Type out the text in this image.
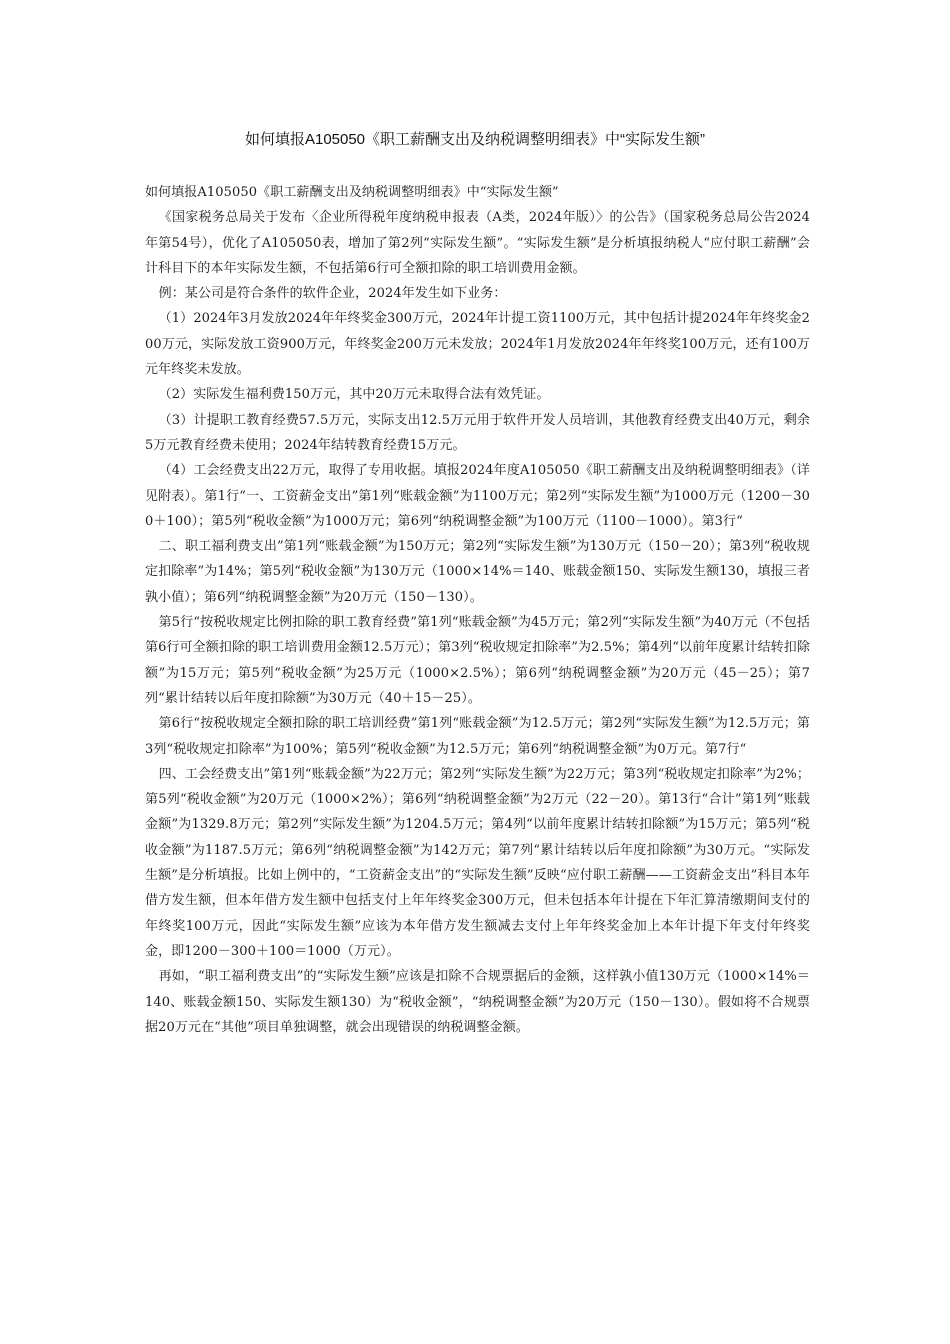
如何填报A105050《职工薪酬支出及纳税调整明细表》中“实际发生额”

如何填报A105050《职工薪酬支出及纳税调整明细表》中“实际发生额”

《国家税务总局关于发布〈企业所得税年度纳税申报表（A类，2024年版）〉的公告》（国家税务总局公告2024年第54号），优化了A105050表，增加了第2列“实际发生额”。“实际发生额”是分析填报纳税人“应付职工薪酬”会计科目下的本年实际发生额，不包括第6行可全额扣除的职工培训费用金额。

例：某公司是符合条件的软件企业，2024年发生如下业务：

（1）2024年3月发放2024年年终奖金300万元，2024年计提工资1100万元，其中包括计提2024年年终奖金200万元，实际发放工资900万元，年终奖金200万元未发放；2024年1月发放2024年年终奖100万元，还有100万元年终奖未发放。

（2）实际发生福利费150万元，其中20万元未取得合法有效凭证。

（3）计提职工教育经费57.5万元，实际支出12.5万元用于软件开发人员培训，其他教育经费支出40万元，剩余5万元教育经费未使用；2024年结转教育经费15万元。

（4）工会经费支出22万元，取得了专用收据。填报2024年度A105050《职工薪酬支出及纳税调整明细表》（详见附表）。第1行“一、工资薪金支出”第1列“账载金额”为1100万元；第2列“实际发生额”为1000万元（1200－300＋100）；第5列“税收金额”为1000万元；第6列“纳税调整金额”为100万元（1100－1000）。第3行“

二、职工福利费支出”第1列“账载金额”为150万元；第2列“实际发生额”为130万元（150－20）；第3列“税收规定扣除率”为14%；第5列“税收金额”为130万元（1000×14%＝140、账载金额150、实际发生额130，填报三者孰小值）；第6列“纳税调整金额”为20万元（150－130）。

第5行“按税收规定比例扣除的职工教育经费”第1列“账载金额”为45万元；第2列“实际发生额”为40万元（不包括第6行可全额扣除的职工培训费用金额12.5万元）；第3列“税收规定扣除率”为2.5%；第4列“以前年度累计结转扣除额”为15万元；第5列“税收金额”为25万元（1000×2.5%）；第6列“纳税调整金额”为20万元（45－25）；第7列“累计结转以后年度扣除额”为30万元（40＋15－25）。

第6行“按税收规定全额扣除的职工培训经费”第1列“账载金额”为12.5万元；第2列“实际发生额”为12.5万元；第3列“税收规定扣除率”为100%；第5列“税收金额”为12.5万元；第6列“纳税调整金额”为0万元。第7行“

四、工会经费支出”第1列“账载金额”为22万元；第2列“实际发生额”为22万元；第3列“税收规定扣除率”为2%；第5列“税收金额”为20万元（1000×2%）；第6列“纳税调整金额”为2万元（22－20）。第13行“合计”第1列“账载金额”为1329.8万元；第2列“实际发生额”为1204.5万元；第4列“以前年度累计结转扣除额”为15万元；第5列“税收金额”为1187.5万元；第6列“纳税调整金额”为142万元；第7列“累计结转以后年度扣除额”为30万元。“实际发生额”是分析填报。比如上例中的，“工资薪金支出”的“实际发生额”反映“应付职工薪酬——工资薪金支出”科目本年借方发生额，但本年借方发生额中包括支付上年年终奖金300万元，但未包括本年计提在下年汇算清缴期间支付的年终奖100万元，因此“实际发生额”应该为本年借方发生额减去支付上年年终奖金加上本年计提下年支付年终奖金，即1200－300＋100＝1000（万元）。

再如，“职工福利费支出”的“实际发生额”应该是扣除不合规票据后的金额，这样孰小值130万元（1000×14%＝140、账载金额150、实际发生额130）为“税收金额”，“纳税调整金额”为20万元（150－130）。假如将不合规票据20万元在“其他”项目单独调整，就会出现错误的纳税调整金额。
